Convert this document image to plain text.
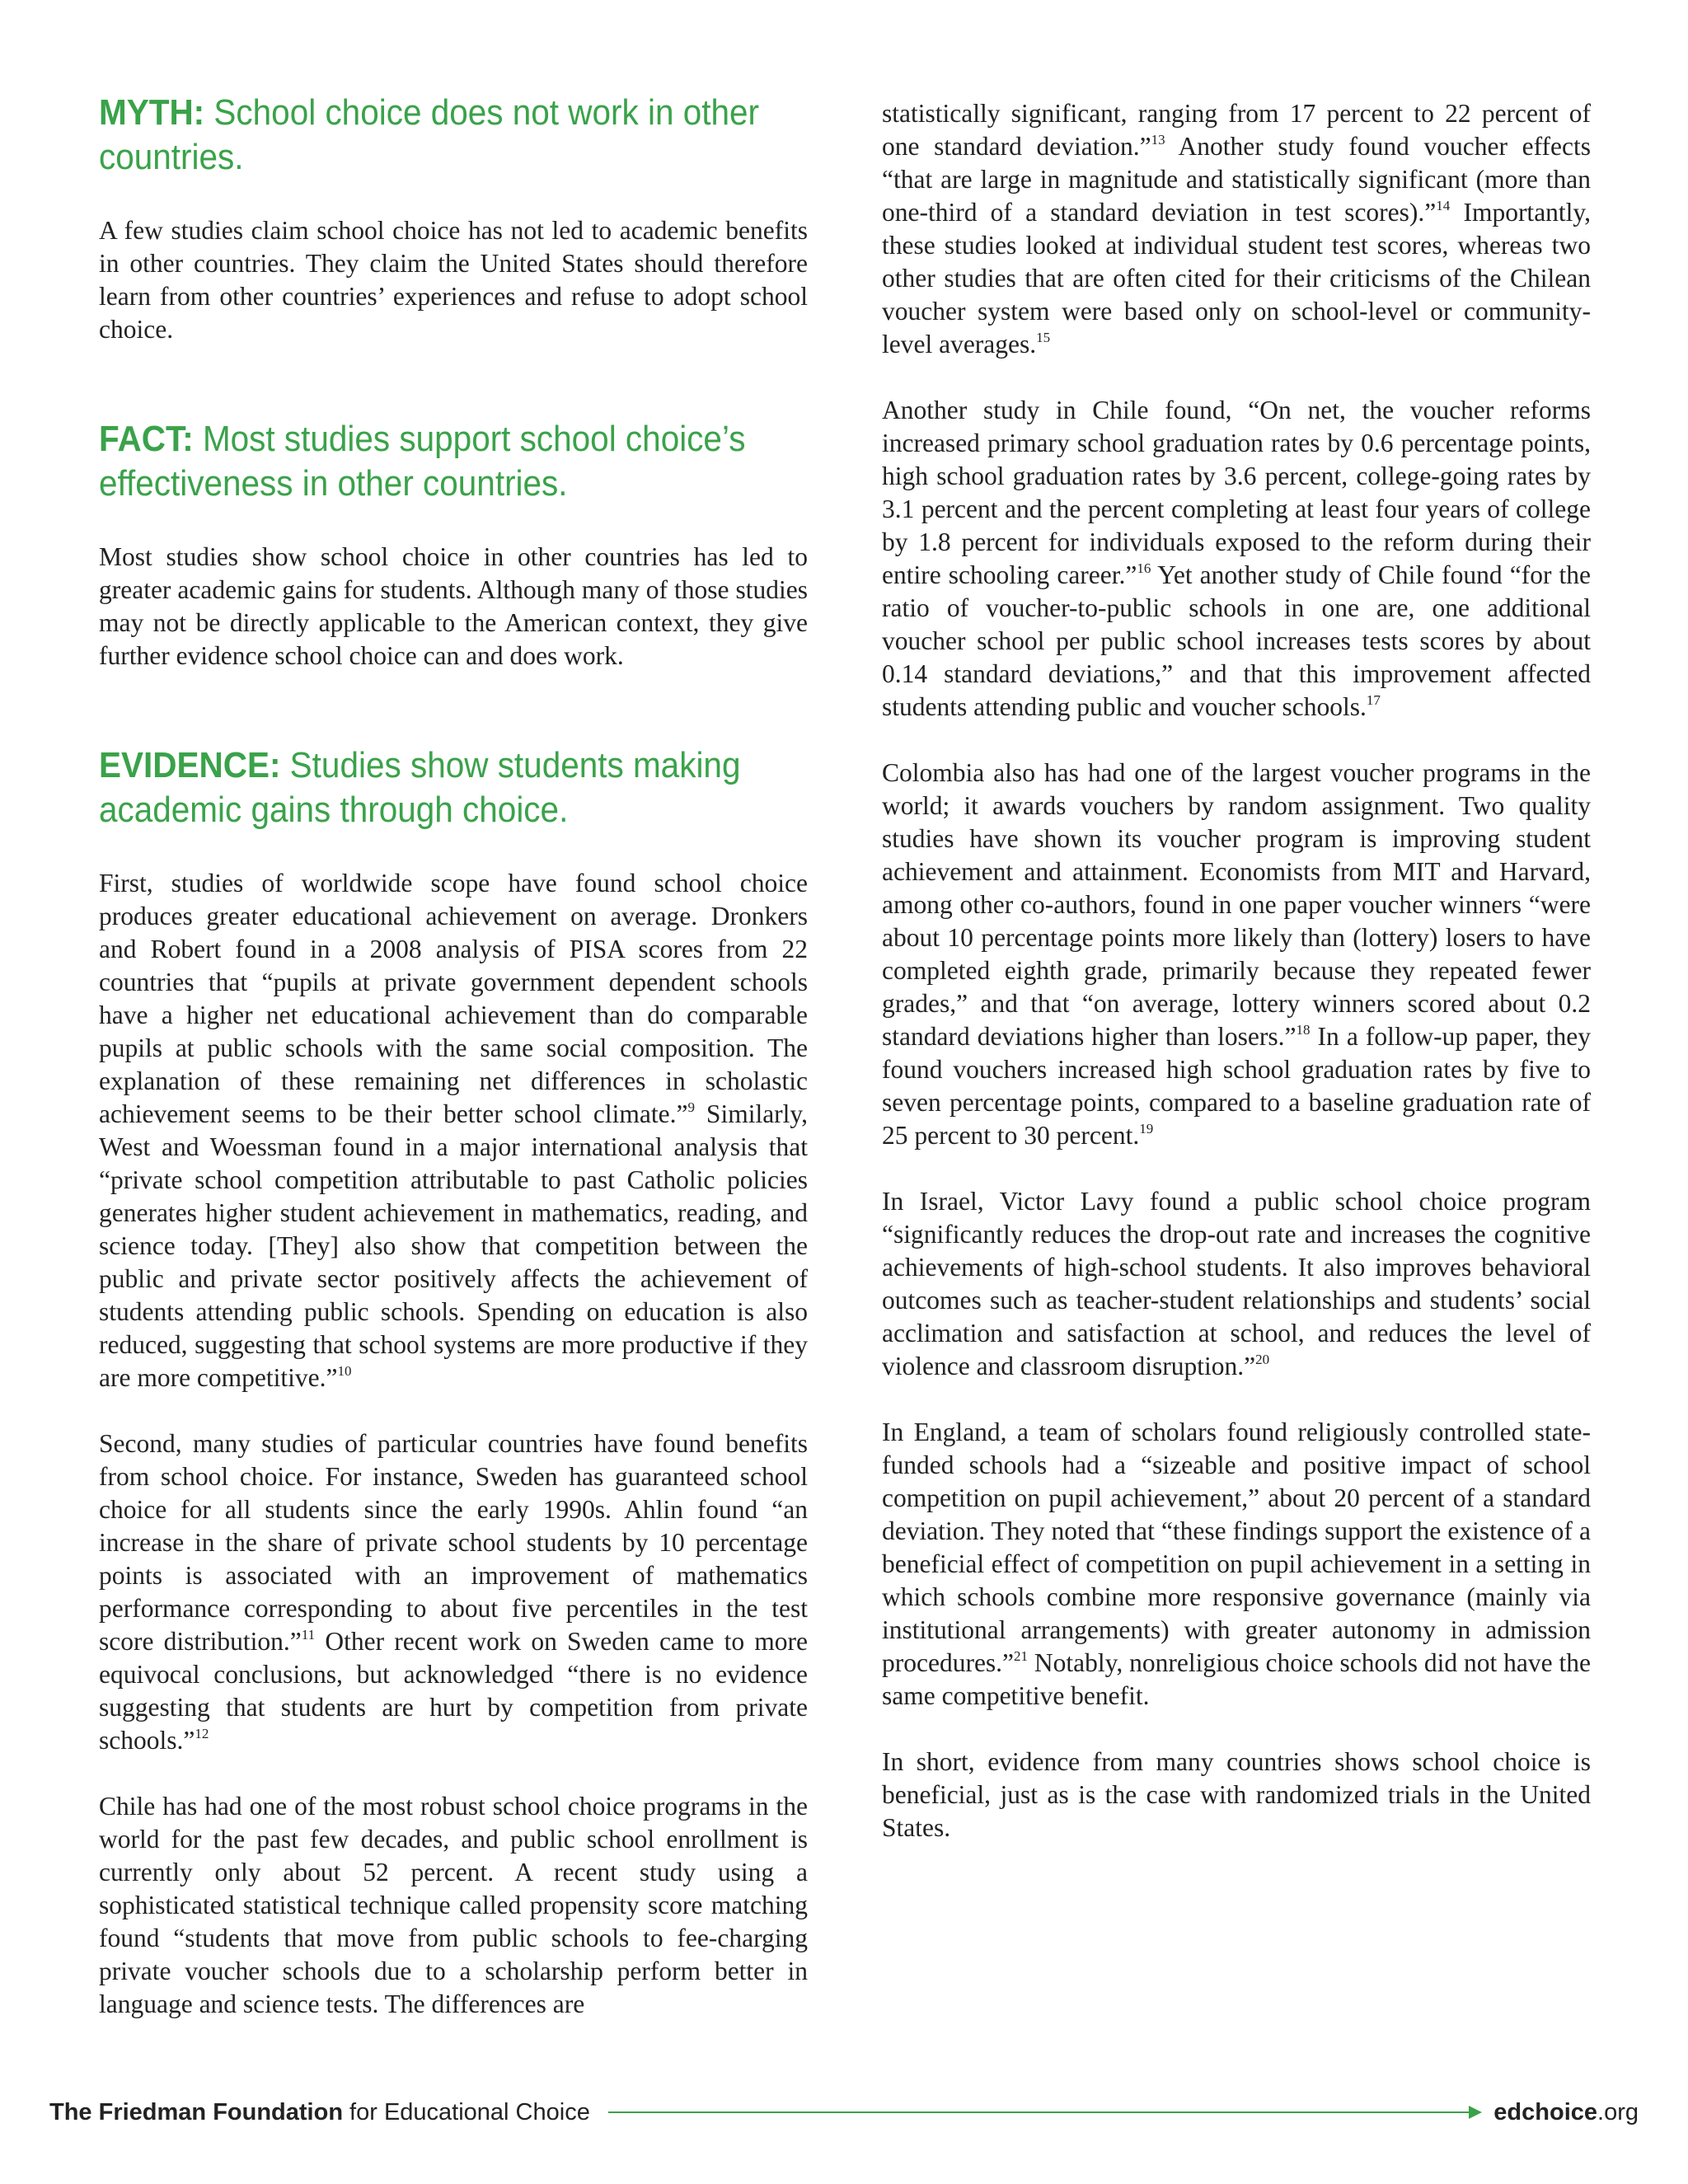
MYTH: School choice does not work in other countries.

A few studies claim school choice has not led to academic benefits in other countries. They claim the United States should therefore learn from other countries’ experiences and refuse to adopt school choice.

FACT: Most studies support school choice’s effectiveness in other countries.

Most studies show school choice in other countries has led to greater academic gains for students. Although many of those studies may not be directly applicable to the American context, they give further evidence school choice can and does work.

EVIDENCE: Studies show students making academic gains through choice.

First, studies of worldwide scope have found school choice produces greater educational achievement on average. Dronkers and Robert found in a 2008 analysis of PISA scores from 22 countries that “pupils at private government dependent schools have a higher net educational achievement than do comparable pupils at public schools with the same social composition. The explanation of these remaining net differences in scholastic achievement seems to be their better school climate.”$^9$ Similarly, West and Woessman found in a major international analysis that “private school competition attributable to past Catholic policies generates higher student achievement in mathematics, reading, and science today. [They] also show that competition between the public and private sector positively affects the achievement of students attending public schools. Spending on education is also reduced, suggesting that school systems are more productive if they are more competitive.”$^{10}$

Second, many studies of particular countries have found benefits from school choice. For instance, Sweden has guaranteed school choice for all students since the early 1990s. Ahlin found “an increase in the share of private school students by 10 percentage points is associated with an improvement of mathematics performance corresponding to about five percentiles in the test score distribution.”$^{11}$ Other recent work on Sweden came to more equivocal conclusions, but acknowledged “there is no evidence suggesting that students are hurt by competition from private schools.”$^{12}$

Chile has had one of the most robust school choice programs in the world for the past few decades, and public school enrollment is currently only about 52 percent. A recent study using a sophisticated statistical technique called propensity score matching found “students that move from public schools to fee-charging private voucher schools due to a scholarship perform better in language and science tests. The differences are

statistically significant, ranging from 17 percent to 22 percent of one standard deviation.”$^{13}$ Another study found voucher effects “that are large in magnitude and statistically significant (more than one-third of a standard deviation in test scores).”$^{14}$ Importantly, these studies looked at individual student test scores, whereas two other studies that are often cited for their criticisms of the Chilean voucher system were based only on school-level or community-level averages.$^{15}$

Another study in Chile found, “On net, the voucher reforms increased primary school graduation rates by 0.6 percentage points, high school graduation rates by 3.6 percent, college-going rates by 3.1 percent and the percent completing at least four years of college by 1.8 percent for individuals exposed to the reform during their entire schooling career.”$^{16}$ Yet another study of Chile found “for the ratio of voucher-to-public schools in one are, one additional voucher school per public school increases tests scores by about 0.14 standard deviations,” and that this improvement affected students attending public and voucher schools.$^{17}$

Colombia also has had one of the largest voucher programs in the world; it awards vouchers by random assignment. Two quality studies have shown its voucher program is improving student achievement and attainment. Economists from MIT and Harvard, among other co-authors, found in one paper voucher winners “were about 10 percentage points more likely than (lottery) losers to have completed eighth grade, primarily because they repeated fewer grades,” and that “on average, lottery winners scored about 0.2 standard deviations higher than losers.”$^{18}$ In a follow-up paper, they found vouchers increased high school graduation rates by five to seven percentage points, compared to a baseline graduation rate of 25 percent to 30 percent.$^{19}$

In Israel, Victor Lavy found a public school choice program “significantly reduces the drop-out rate and increases the cognitive achievements of high-school students. It also improves behavioral outcomes such as teacher-student relationships and students’ social acclimation and satisfaction at school, and reduces the level of violence and classroom disruption.”$^{20}$

In England, a team of scholars found religiously controlled state-funded schools had a “sizeable and positive impact of school competition on pupil achievement,” about 20 percent of a standard deviation. They noted that “these findings support the existence of a beneficial effect of competition on pupil achievement in a setting in which schools combine more responsive governance (mainly via institutional arrangements) with greater autonomy in admission procedures.”$^{21}$ Notably, nonreligious choice schools did not have the same competitive benefit.

In short, evidence from many countries shows school choice is beneficial, just as is the case with randomized trials in the United States.

The Friedman Foundation for Educational Choice	edchoice.org
